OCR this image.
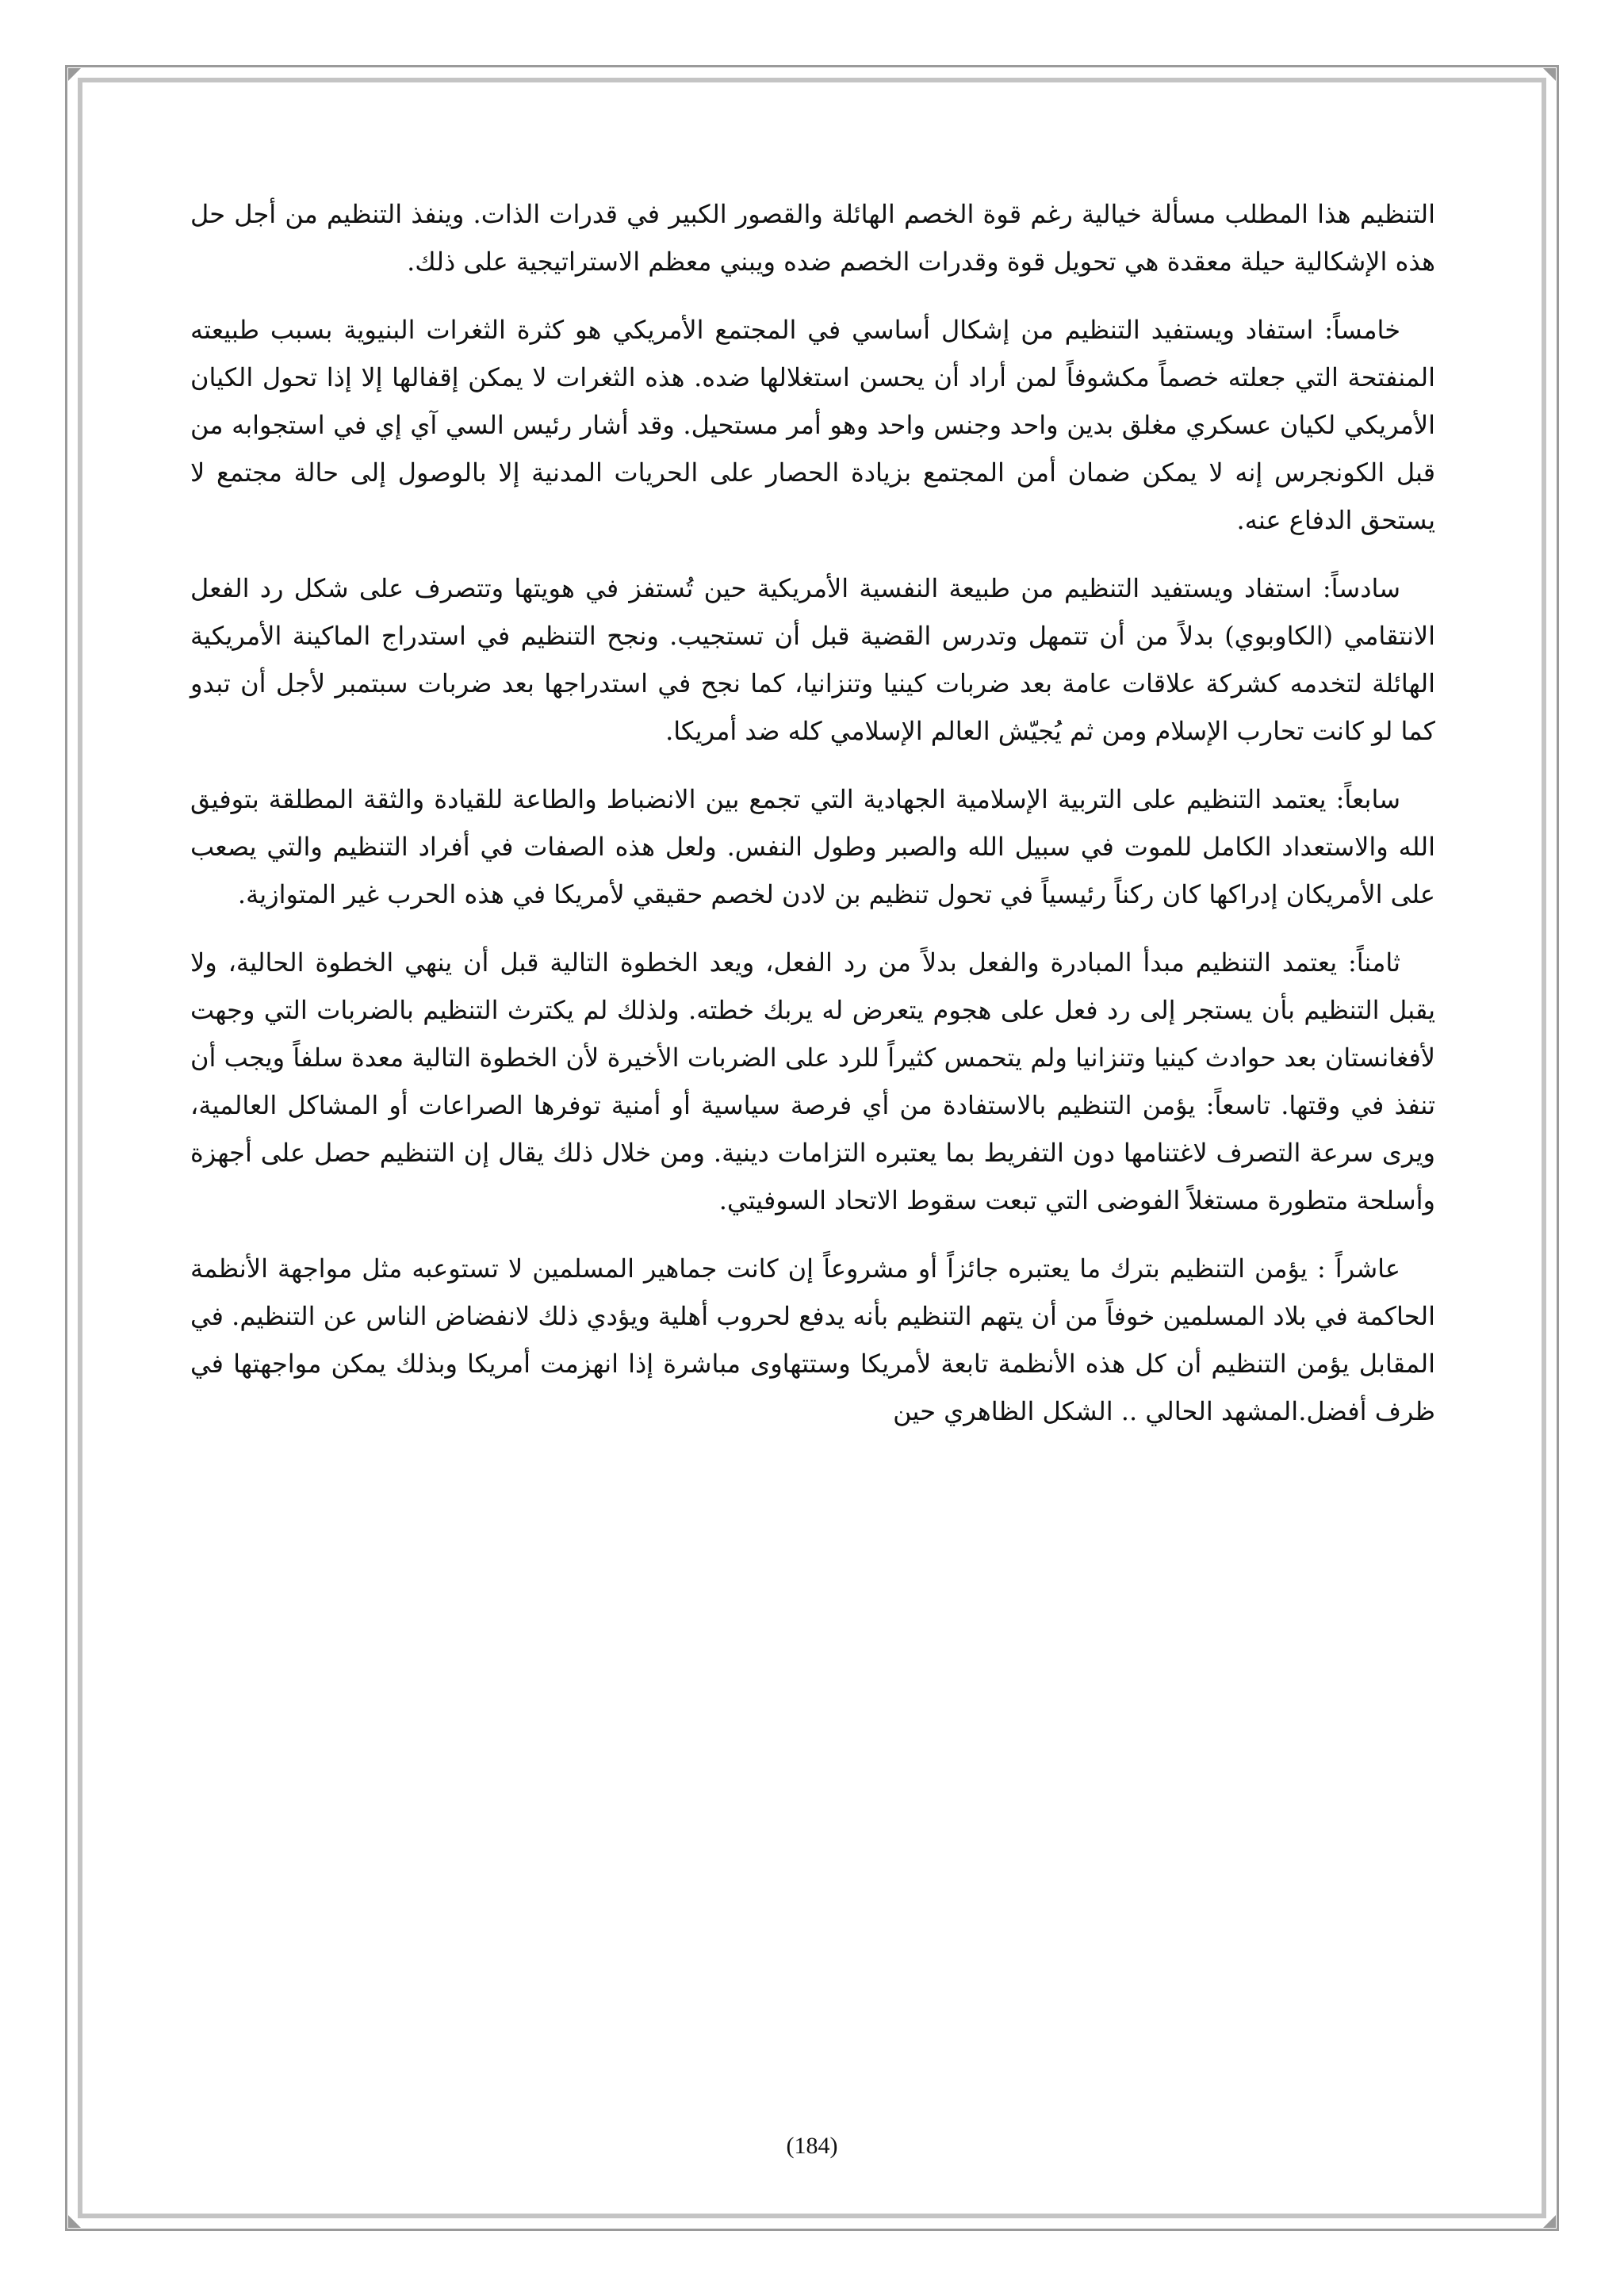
التنظيم هذا المطلب مسألة خيالية رغم قوة الخصم الهائلة والقصور الكبير في قدرات الذات. وينفذ التنظيم من أجل حل هذه الإشكالية حيلة معقدة هي تحويل قوة وقدرات الخصم ضده ويبني معظم الاستراتيجية على ذلك.

خامساً: استفاد ويستفيد التنظيم من إشكال أساسي في المجتمع الأمريكي هو كثرة الثغرات البنيوية بسبب طبيعته المنفتحة التي جعلته خصماً مكشوفاً لمن أراد أن يحسن استغلالها ضده. هذه الثغرات لا يمكن إقفالها إلا إذا تحول الكيان الأمريكي لكيان عسكري مغلق بدين واحد وجنس واحد وهو أمر مستحيل. وقد أشار رئيس السي آي إي في استجوابه من قبل الكونجرس إنه لا يمكن ضمان أمن المجتمع بزيادة الحصار على الحريات المدنية إلا بالوصول إلى حالة مجتمع لا يستحق الدفاع عنه.

سادساً: استفاد ويستفيد التنظيم من طبيعة النفسية الأمريكية حين تُستفز في هويتها وتتصرف على شكل رد الفعل الانتقامي (الكاوبوي) بدلاً من أن تتمهل وتدرس القضية قبل أن تستجيب. ونجح التنظيم في استدراج الماكينة الأمريكية الهائلة لتخدمه كشركة علاقات عامة بعد ضربات كينيا وتنزانيا، كما نجح في استدراجها بعد ضربات سبتمبر لأجل أن تبدو كما لو كانت تحارب الإسلام ومن ثم يُجيّش العالم الإسلامي كله ضد أمريكا.

سابعاً: يعتمد التنظيم على التربية الإسلامية الجهادية التي تجمع بين الانضباط والطاعة للقيادة والثقة المطلقة بتوفيق الله والاستعداد الكامل للموت في سبيل الله والصبر وطول النفس. ولعل هذه الصفات في أفراد التنظيم والتي يصعب على الأمريكان إدراكها كان ركناً رئيسياً في تحول تنظيم بن لادن لخصم حقيقي لأمريكا في هذه الحرب غير المتوازية.

ثامناً: يعتمد التنظيم مبدأ المبادرة والفعل بدلاً من رد الفعل، ويعد الخطوة التالية قبل أن ينهي الخطوة الحالية، ولا يقبل التنظيم بأن يستجر إلى رد فعل على هجوم يتعرض له يربك خطته. ولذلك لم يكترث التنظيم بالضربات التي وجهت لأفغانستان بعد حوادث كينيا وتنزانيا ولم يتحمس كثيراً للرد على الضربات الأخيرة لأن الخطوة التالية معدة سلفاً ويجب أن تنفذ في وقتها. تاسعاً: يؤمن التنظيم بالاستفادة من أي فرصة سياسية أو أمنية توفرها الصراعات أو المشاكل العالمية، ويرى سرعة التصرف لاغتنامها دون التفريط بما يعتبره التزامات دينية. ومن خلال ذلك يقال إن التنظيم حصل على أجهزة وأسلحة متطورة مستغلاً الفوضى التي تبعت سقوط الاتحاد السوفيتي.

عاشراً : يؤمن التنظيم بترك ما يعتبره جائزاً أو مشروعاً إن كانت جماهير المسلمين لا تستوعبه مثل مواجهة الأنظمة الحاكمة في بلاد المسلمين خوفاً من أن يتهم التنظيم بأنه يدفع لحروب أهلية ويؤدي ذلك لانفضاض الناس عن التنظيم. في المقابل يؤمن التنظيم أن كل هذه الأنظمة تابعة لأمريكا وستتهاوى مباشرة إذا انهزمت أمريكا وبذلك يمكن مواجهتها في ظرف أفضل.المشهد الحالي .. الشكل الظاهري حين

(184)
